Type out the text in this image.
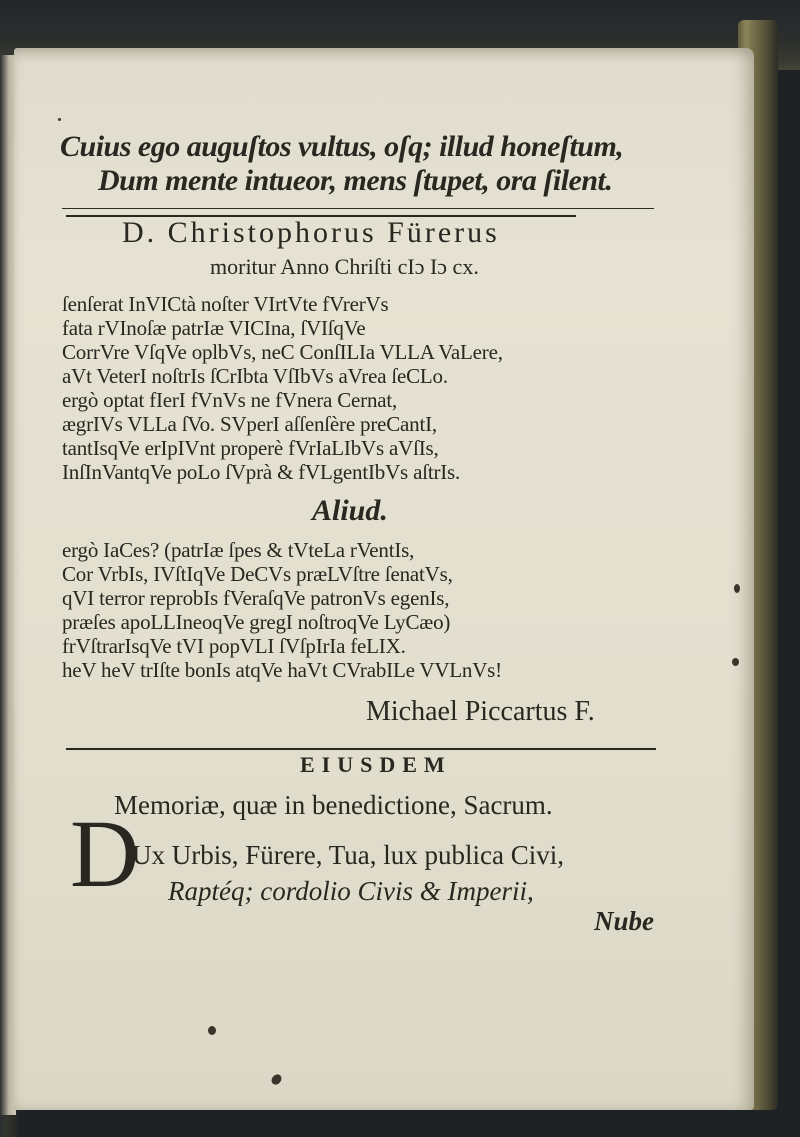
Cuius ego auguſtos vultus, oſq; illud honeſtum,
Dum mente intueor, mens ſtupet, ora ſilent.
D. Christophorus Fürerus
moritur Anno Chriſti cIɔ Iɔ cx.
ſenſerat InVICtà noſter VIrtVte fVrerVs
fata rVInoſæ patrIæ VICIna, ſVIſqVe
CorrVre VſqVe oplbVs, neC ConſILIa VLLA VaLere,
aVt VeterI noſtrIs ſCrIbta VſIbVs aVrea ſeCLo.
ergò optat fIerI fVnVs ne fVnera Cernat,
ægrIVs VLLa ſVo. SVperI aſſenſère preCantI,
tantIsqVe erIpIVnt properè fVrIaLIbVs aVſIs,
InſInVantqVe poLo ſVprà & fVLgentIbVs aſtrIs.
Aliud.
ergò IaCes? (patrIæ ſpes & tVteLa rVentIs,
Cor VrbIs, IVſtIqVe DeCVs præLVſtre ſenatVs,
qVI terror reprobIs fVeraſqVe patronVs egenIs,
præſes apoLLIneoqVe gregI noſtroqVe LyCæo)
frVſtrarIsqVe tVI popVLI ſVſpIrIa feLIX.
heV heV trIſte bonIs atqVe haVt CVrabILe VVLnVs!
Michael Piccartus F.
EIUSDEM
Memoriæ, quæ in benedictione, Sacrum.
D
Ux Urbis, Fürere, Tua, lux publica Civi,
Raptéq; cordolio Civis & Imperii,
Nube
